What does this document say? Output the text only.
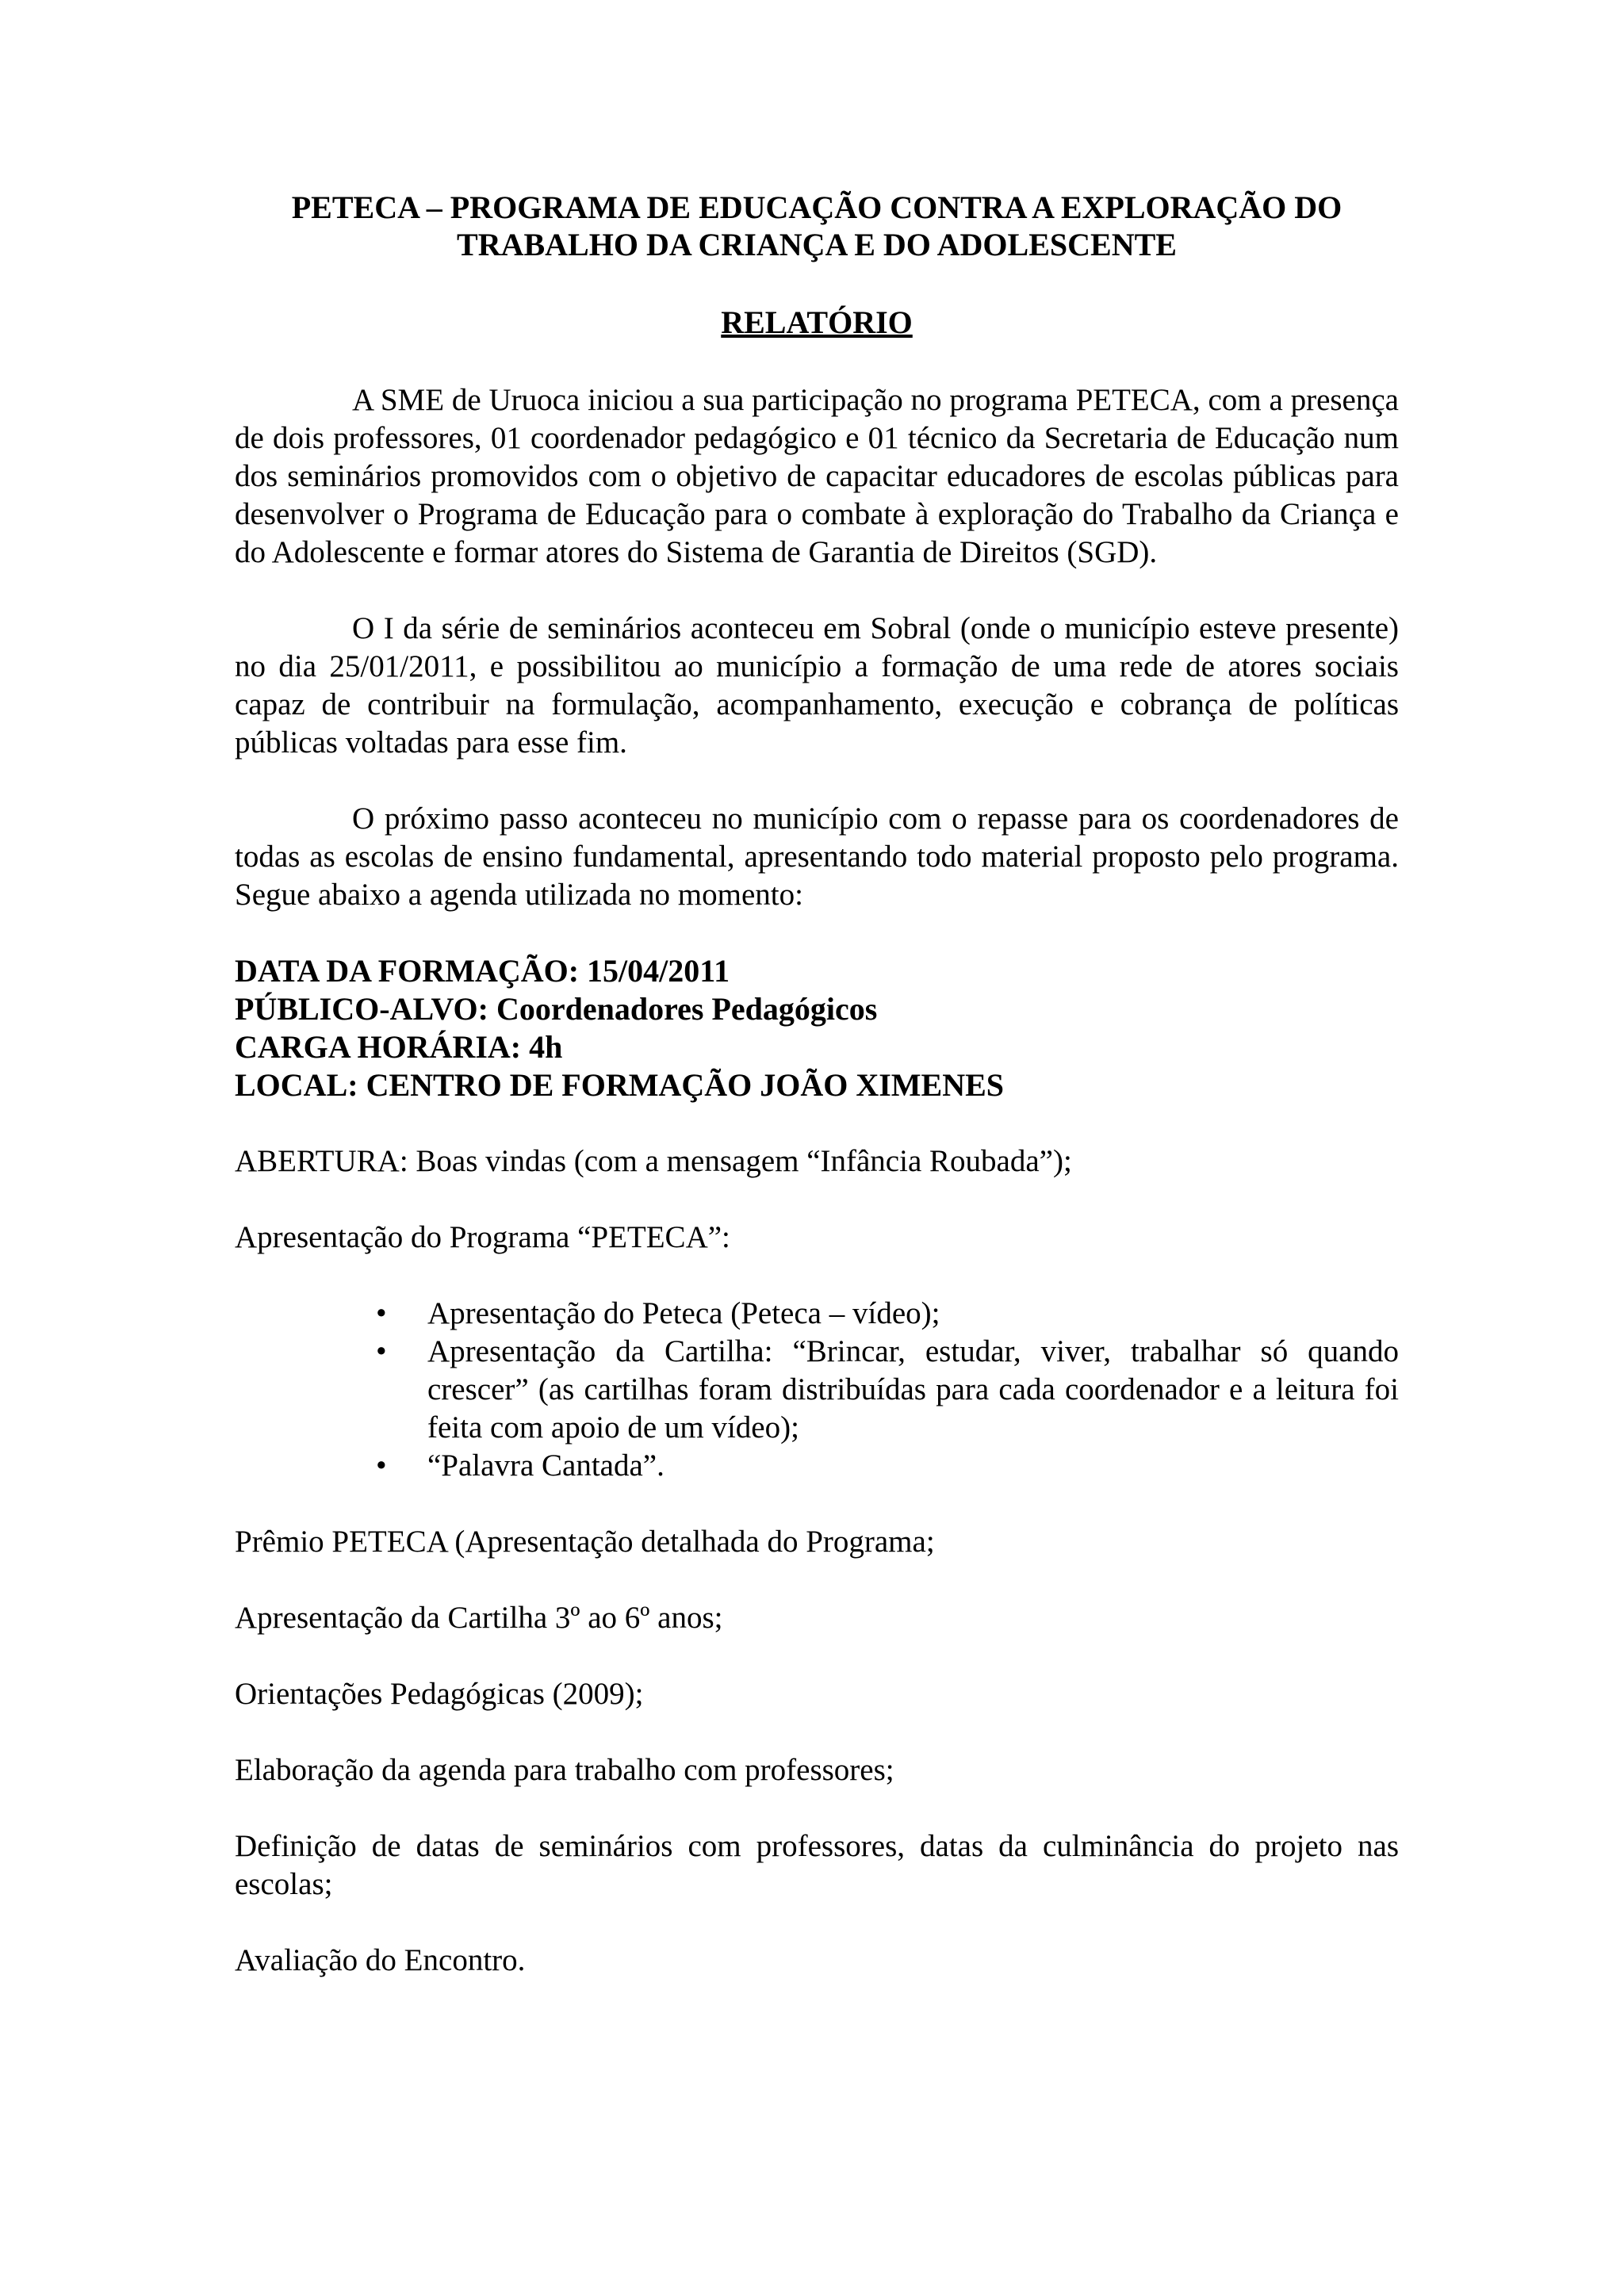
PETECA – PROGRAMA DE EDUCAÇÃO CONTRA A EXPLORAÇÃO DO
TRABALHO DA CRIANÇA E DO ADOLESCENTE
RELATÓRIO

A SME de Uruoca iniciou a sua participação no programa PETECA, com a presença de dois professores, 01 coordenador pedagógico e 01 técnico da Secretaria de Educação num dos seminários promovidos com o objetivo de capacitar educadores de escolas públicas para desenvolver o Programa de Educação para o combate à exploração do Trabalho da Criança e do Adolescente e formar atores do Sistema de Garantia de Direitos (SGD).

O I da série de seminários aconteceu em Sobral (onde o município esteve presente) no dia 25/01/2011, e possibilitou ao município a formação de uma rede de atores sociais capaz de contribuir na formulação, acompanhamento, execução e cobrança de políticas públicas voltadas para esse fim.

O próximo passo aconteceu no município com o repasse para os coordenadores de todas as escolas de ensino fundamental, apresentando todo material proposto pelo programa. Segue abaixo a agenda utilizada no momento:

DATA DA FORMAÇÃO: 15/04/2011
PÚBLICO-ALVO: Coordenadores Pedagógicos
CARGA HORÁRIA: 4h
LOCAL: CENTRO DE FORMAÇÃO JOÃO XIMENES

ABERTURA: Boas vindas (com a mensagem “Infância Roubada”);

Apresentação do Programa “PETECA”:

• Apresentação do Peteca (Peteca – vídeo);
• Apresentação da Cartilha: “Brincar, estudar, viver, trabalhar só quando crescer” (as cartilhas foram distribuídas para cada coordenador e a leitura foi feita com apoio de um vídeo);
• “Palavra Cantada”.

Prêmio PETECA (Apresentação detalhada do Programa;

Apresentação da Cartilha 3º ao 6º anos;

Orientações Pedagógicas (2009);

Elaboração da agenda para trabalho com professores;

Definição de datas de seminários com professores, datas da culminância do projeto nas escolas;

Avaliação do Encontro.
